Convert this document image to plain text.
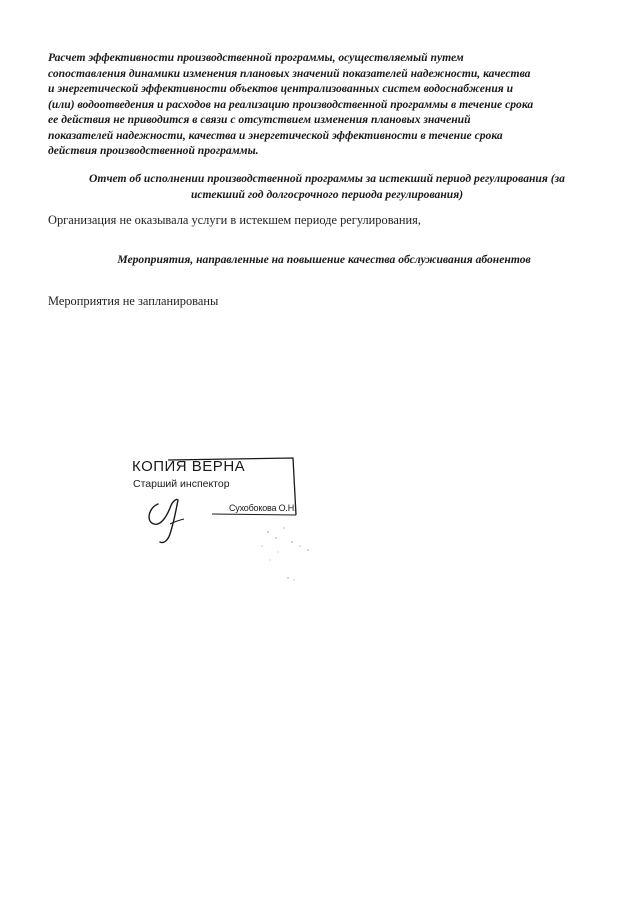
Расчет эффективности производственной программы, осуществляемый путем
сопоставления динамики изменения плановых значений показателей надежности, качества
и энергетической эффективности объектов централизованных систем водоснабжения и
(или) водоотведения и расходов на реализацию производственной программы в течение срока
ее действия не приводится в связи с отсутствием изменения плановых значений
показателей надежности, качества и энергетической эффективности в течение срока
действия производственной программы.
Отчет об исполнении производственной программы за истекший период регулирования (за
истекший год долгосрочного периода регулирования)
Организация не оказывала услуги в истекшем периоде регулирования,
Мероприятия, направленные на повышение качества обслуживания абонентов
Мероприятия не запланированы
КОПИЯ ВЕРНА
Старший инспектор
Сухобокова О.Н.
